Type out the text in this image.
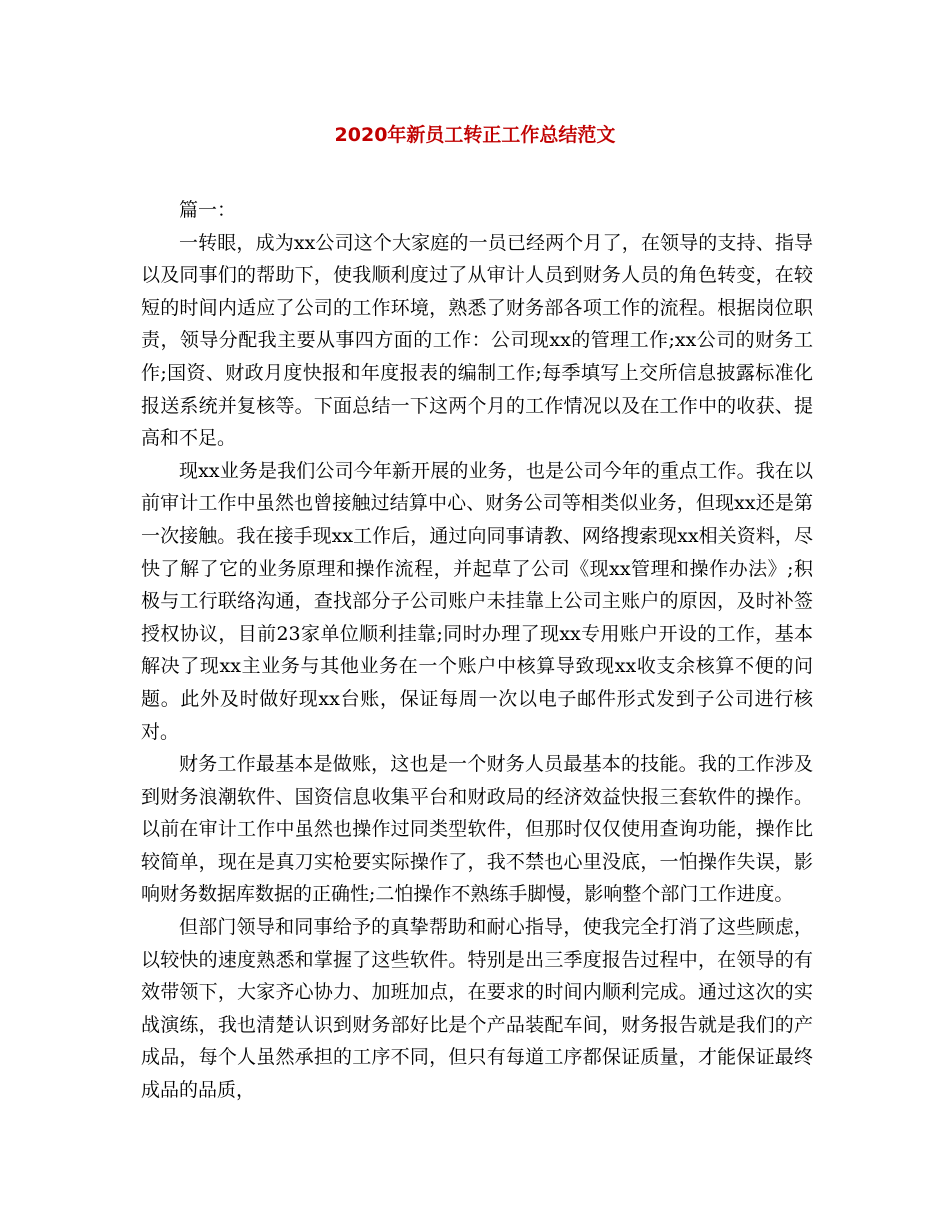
2020年新员工转正工作总结范文

篇一：

一转眼，成为xx公司这个大家庭的一员已经两个月了，在领导的支持、指导以及同事们的帮助下，使我顺利度过了从审计人员到财务人员的角色转变，在较短的时间内适应了公司的工作环境，熟悉了财务部各项工作的流程。根据岗位职责，领导分配我主要从事四方面的工作：公司现xx的管理工作;xx公司的财务工作;国资、财政月度快报和年度报表的编制工作;每季填写上交所信息披露标准化报送系统并复核等。下面总结一下这两个月的工作情况以及在工作中的收获、提高和不足。

现xx业务是我们公司今年新开展的业务，也是公司今年的重点工作。我在以前审计工作中虽然也曾接触过结算中心、财务公司等相类似业务，但现xx还是第一次接触。我在接手现xx工作后，通过向同事请教、网络搜索现xx相关资料，尽快了解了它的业务原理和操作流程，并起草了公司《现xx管理和操作办法》;积极与工行联络沟通，查找部分子公司账户未挂靠上公司主账户的原因，及时补签授权协议，目前23家单位顺利挂靠;同时办理了现xx专用账户开设的工作，基本解决了现xx主业务与其他业务在一个账户中核算导致现xx收支余核算不便的问题。此外及时做好现xx台账，保证每周一次以电子邮件形式发到子公司进行核对。

财务工作最基本是做账，这也是一个财务人员最基本的技能。我的工作涉及到财务浪潮软件、国资信息收集平台和财政局的经济效益快报三套软件的操作。以前在审计工作中虽然也操作过同类型软件，但那时仅仅使用查询功能，操作比较简单，现在是真刀实枪要实际操作了，我不禁也心里没底，一怕操作失误，影响财务数据库数据的正确性;二怕操作不熟练手脚慢，影响整个部门工作进度。

但部门领导和同事给予的真挚帮助和耐心指导，使我完全打消了这些顾虑，以较快的速度熟悉和掌握了这些软件。特别是出三季度报告过程中，在领导的有效带领下，大家齐心协力、加班加点，在要求的时间内顺利完成。通过这次的实战演练，我也清楚认识到财务部好比是个产品装配车间，财务报告就是我们的产成品，每个人虽然承担的工序不同，但只有每道工序都保证质量，才能保证最终成品的品质，
